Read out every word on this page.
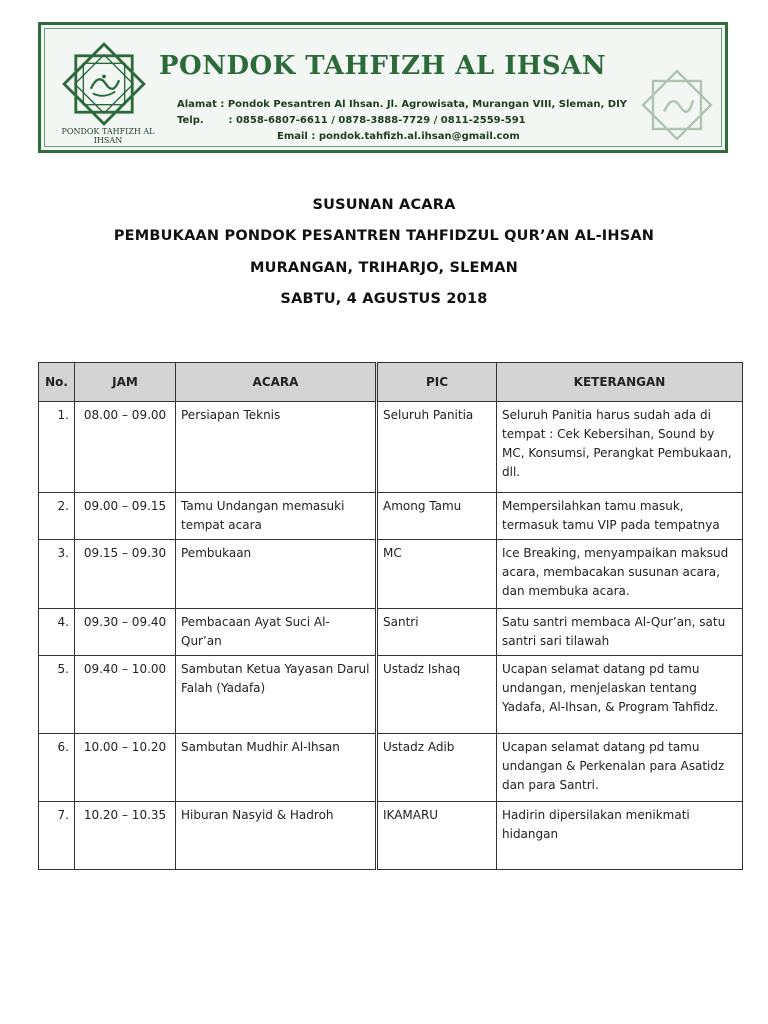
PONDOK TAHFIZH AL IHSAN
PONDOK TAHFIZH AL IHSAN
Alamat : Pondok Pesantren Al Ihsan. Jl. Agrowisata, Murangan VIII, Sleman, DIY
Telp. : 0858-6807-6611 / 0878-3888-7729 / 0811-2559-591
Email : pondok.tahfizh.al.ihsan@gmail.com
SUSUNAN ACARA
PEMBUKAAN PONDOK PESANTREN TAHFIDZUL QUR’AN AL-IHSAN
MURANGAN, TRIHARJO, SLEMAN
SABTU, 4 AGUSTUS 2018
No.	JAM	ACARA	PIC	KETERANGAN
1.	08.00 – 09.00	Persiapan Teknis	Seluruh Panitia	Seluruh Panitia harus sudah ada di tempat : Cek Kebersihan, Sound by MC, Konsumsi, Perangkat Pembukaan, dll.
2.	09.00 – 09.15	Tamu Undangan memasuki tempat acara	Among Tamu	Mempersilahkan tamu masuk, termasuk tamu VIP pada tempatnya
3.	09.15 – 09.30	Pembukaan	MC	Ice Breaking, menyampaikan maksud acara, membacakan susunan acara, dan membuka acara.
4.	09.30 – 09.40	Pembacaan Ayat Suci Al-Qur’an	Santri	Satu santri membaca Al-Qur’an, satu santri sari tilawah
5.	09.40 – 10.00	Sambutan Ketua Yayasan Darul Falah (Yadafa)	Ustadz Ishaq	Ucapan selamat datang pd tamu undangan, menjelaskan tentang Yadafa, Al-Ihsan, & Program Tahfidz.
6.	10.00 – 10.20	Sambutan Mudhir Al-Ihsan	Ustadz Adib	Ucapan selamat datang pd tamu undangan & Perkenalan para Asatidz dan para Santri.
7.	10.20 – 10.35	Hiburan Nasyid & Hadroh	IKAMARU	Hadirin dipersilakan menikmati hidangan
